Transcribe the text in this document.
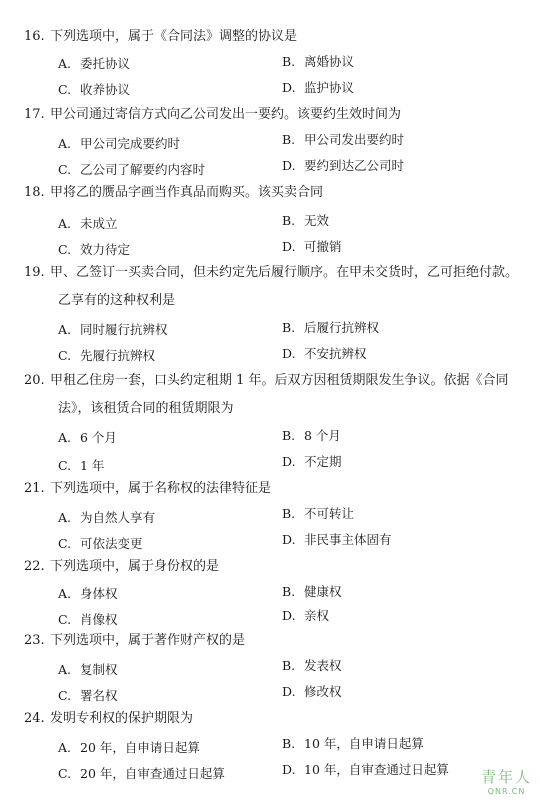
16. 下列选项中，属于《合同法》调整的协议是
A. 委托协议	B. 离婚协议
C. 收养协议	D. 监护协议
17. 甲公司通过寄信方式向乙公司发出一要约。该要约生效时间为
A. 甲公司完成要约时	B. 甲公司发出要约时
C. 乙公司了解要约内容时	D. 要约到达乙公司时
18. 甲将乙的赝品字画当作真品而购买。该买卖合同
A. 未成立	B. 无效
C. 效力待定	D. 可撤销
19. 甲、乙签订一买卖合同，但未约定先后履行顺序。在甲未交货时，乙可拒绝付款。
乙享有的这种权利是
A. 同时履行抗辨权	B. 后履行抗辨权
C. 先履行抗辨权	D. 不安抗辨权
20. 甲租乙住房一套，口头约定租期 1 年。后双方因租赁期限发生争议。依据《合同
法》，该租赁合同的租赁期限为
A. 6 个月	B. 8 个月
C. 1 年	D. 不定期
21. 下列选项中，属于名称权的法律特征是
A. 为自然人享有	B. 不可转让
C. 可依法变更	D. 非民事主体固有
22. 下列选项中，属于身份权的是
A. 身体权	B. 健康权
C. 肖像权	D. 亲权
23. 下列选项中，属于著作财产权的是
A. 复制权	B. 发表权
C. 署名权	D. 修改权
24. 发明专利权的保护期限为
A. 20 年，自申请日起算	B. 10 年，自申请日起算
C. 20 年，自审查通过日起算	D. 10 年，自审查通过日起算 青年人
QNR.CN
